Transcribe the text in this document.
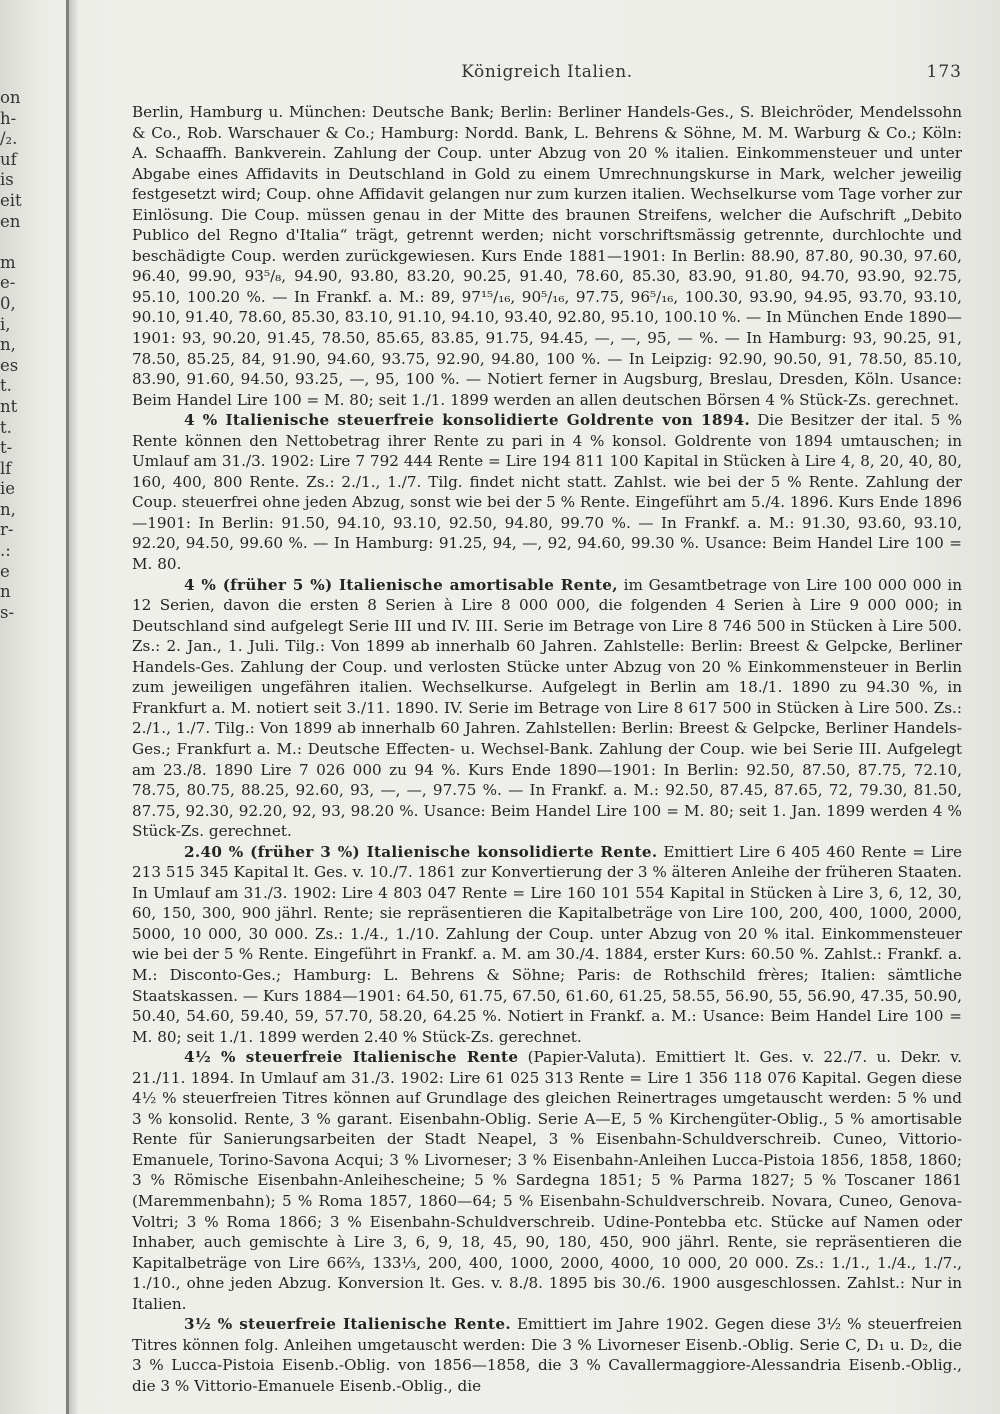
on
h-
/₂.
uf
is
eit
en
m
e-
0,
i,
n,
es
t.
nt
t.
t-
lf
ie
n,
r-
.:
e
n
s-
Königreich Italien.	173

Berlin, Hamburg u. München: Deutsche Bank; Berlin: Berliner Handels-Ges., S. Bleichröder, Mendelssohn & Co., Rob. Warschauer & Co.; Hamburg: Nordd. Bank, L. Behrens & Söhne, M. M. Warburg & Co.; Köln: A. Schaaffh. Bankverein. Zahlung der Coup. unter Abzug von 20 % italien. Einkommensteuer und unter Abgabe eines Affidavits in Deutschland in Gold zu einem Umrechnungskurse in Mark, welcher jeweilig festgesetzt wird; Coup. ohne Affidavit gelangen nur zum kurzen italien. Wechselkurse vom Tage vorher zur Einlösung. Die Coup. müssen genau in der Mitte des braunen Streifens, welcher die Aufschrift „Debito Publico del Regno d'Italia“ trägt, getrennt werden; nicht vorschriftsmässig getrennte, durchlochte und beschädigte Coup. werden zurückgewiesen. Kurs Ende 1881—1901: In Berlin: 88.90, 87.80, 90.30, 97.60, 96.40, 99.90, 93⁵/₈, 94.90, 93.80, 83.20, 90.25, 91.40, 78.60, 85.30, 83.90, 91.80, 94.70, 93.90, 92.75, 95.10, 100.20 %. — In Frankf. a. M.: 89, 97¹⁵/₁₆, 90⁵/₁₆, 97.75, 96⁵/₁₆, 100.30, 93.90, 94.95, 93.70, 93.10, 90.10, 91.40, 78.60, 85.30, 83.10, 91.10, 94.10, 93.40, 92.80, 95.10, 100.10 %. — In München Ende 1890—1901: 93, 90.20, 91.45, 78.50, 85.65, 83.85, 91.75, 94.45, —, —, 95, — %. — In Hamburg: 93, 90.25, 91, 78.50, 85.25, 84, 91.90, 94.60, 93.75, 92.90, 94.80, 100 %. — In Leipzig: 92.90, 90.50, 91, 78.50, 85.10, 83.90, 91.60, 94.50, 93.25, —, 95, 100 %. — Notiert ferner in Augsburg, Breslau, Dresden, Köln. Usance: Beim Handel Lire 100 = M. 80; seit 1./1. 1899 werden an allen deutschen Börsen 4 % Stück-Zs. gerechnet.

4 % Italienische steuerfreie konsolidierte Goldrente von 1894. Die Besitzer der ital. 5 % Rente können den Nettobetrag ihrer Rente zu pari in 4 % konsol. Goldrente von 1894 umtauschen; in Umlauf am 31./3. 1902: Lire 7 792 444 Rente = Lire 194 811 100 Kapital in Stücken à Lire 4, 8, 20, 40, 80, 160, 400, 800 Rente. Zs.: 2./1., 1./7. Tilg. findet nicht statt. Zahlst. wie bei der 5 % Rente. Zahlung der Coup. steuerfrei ohne jeden Abzug, sonst wie bei der 5 % Rente. Eingeführt am 5./4. 1896. Kurs Ende 1896—1901: In Berlin: 91.50, 94.10, 93.10, 92.50, 94.80, 99.70 %. — In Frankf. a. M.: 91.30, 93.60, 93.10, 92.20, 94.50, 99.60 %. — In Hamburg: 91.25, 94, —, 92, 94.60, 99.30 %. Usance: Beim Handel Lire 100 = M. 80.

4 % (früher 5 %) Italienische amortisable Rente, im Gesamtbetrage von Lire 100 000 000 in 12 Serien, davon die ersten 8 Serien à Lire 8 000 000, die folgenden 4 Serien à Lire 9 000 000; in Deutschland sind aufgelegt Serie III und IV. III. Serie im Betrage von Lire 8 746 500 in Stücken à Lire 500. Zs.: 2. Jan., 1. Juli. Tilg.: Von 1899 ab innerhalb 60 Jahren. Zahlstelle: Berlin: Breest & Gelpcke, Berliner Handels-Ges. Zahlung der Coup. und verlosten Stücke unter Abzug von 20 % Einkommensteuer in Berlin zum jeweiligen ungefähren italien. Wechselkurse. Aufgelegt in Berlin am 18./1. 1890 zu 94.30 %, in Frankfurt a. M. notiert seit 3./11. 1890. IV. Serie im Betrage von Lire 8 617 500 in Stücken à Lire 500. Zs.: 2./1., 1./7. Tilg.: Von 1899 ab innerhalb 60 Jahren. Zahlstellen: Berlin: Breest & Gelpcke, Berliner Handels-Ges.; Frankfurt a. M.: Deutsche Effecten- u. Wechsel-Bank. Zahlung der Coup. wie bei Serie III. Aufgelegt am 23./8. 1890 Lire 7 026 000 zu 94 %. Kurs Ende 1890—1901: In Berlin: 92.50, 87.50, 87.75, 72.10, 78.75, 80.75, 88.25, 92.60, 93, —, —, 97.75 %. — In Frankf. a. M.: 92.50, 87.45, 87.65, 72, 79.30, 81.50, 87.75, 92.30, 92.20, 92, 93, 98.20 %. Usance: Beim Handel Lire 100 = M. 80; seit 1. Jan. 1899 werden 4 % Stück-Zs. gerechnet.

2.40 % (früher 3 %) Italienische konsolidierte Rente. Emittiert Lire 6 405 460 Rente = Lire 213 515 345 Kapital lt. Ges. v. 10./7. 1861 zur Konvertierung der 3 % älteren Anleihe der früheren Staaten. In Umlauf am 31./3. 1902: Lire 4 803 047 Rente = Lire 160 101 554 Kapital in Stücken à Lire 3, 6, 12, 30, 60, 150, 300, 900 jährl. Rente; sie repräsentieren die Kapitalbeträge von Lire 100, 200, 400, 1000, 2000, 5000, 10 000, 30 000. Zs.: 1./4., 1./10. Zahlung der Coup. unter Abzug von 20 % ital. Einkommensteuer wie bei der 5 % Rente. Eingeführt in Frankf. a. M. am 30./4. 1884, erster Kurs: 60.50 %. Zahlst.: Frankf. a. M.: Disconto-Ges.; Hamburg: L. Behrens & Söhne; Paris: de Rothschild frères; Italien: sämtliche Staatskassen. — Kurs 1884—1901: 64.50, 61.75, 67.50, 61.60, 61.25, 58.55, 56.90, 55, 56.90, 47.35, 50.90, 50.40, 54.60, 59.40, 59, 57.70, 58.20, 64.25 %. Notiert in Frankf. a. M.: Usance: Beim Handel Lire 100 = M. 80; seit 1./1. 1899 werden 2.40 % Stück-Zs. gerechnet.

4½ % steuerfreie Italienische Rente (Papier-Valuta). Emittiert lt. Ges. v. 22./7. u. Dekr. v. 21./11. 1894. In Umlauf am 31./3. 1902: Lire 61 025 313 Rente = Lire 1 356 118 076 Kapital. Gegen diese 4½ % steuerfreien Titres können auf Grundlage des gleichen Reinertrages umgetauscht werden: 5 % und 3 % konsolid. Rente, 3 % garant. Eisenbahn-Oblig. Serie A—E, 5 % Kirchengüter-Oblig., 5 % amortisable Rente für Sanierungsarbeiten der Stadt Neapel, 3 % Eisenbahn-Schuldverschreib. Cuneo, Vittorio-Emanuele, Torino-Savona Acqui; 3 % Livorneser; 3 % Eisenbahn-Anleihen Lucca-Pistoia 1856, 1858, 1860; 3 % Römische Eisenbahn-Anleihescheine; 5 % Sardegna 1851; 5 % Parma 1827; 5 % Toscaner 1861 (Maremmenbahn); 5 % Roma 1857, 1860—64; 5 % Eisenbahn-Schuldverschreib. Novara, Cuneo, Genova-Voltri; 3 % Roma 1866; 3 % Eisenbahn-Schuldverschreib. Udine-Pontebba etc. Stücke auf Namen oder Inhaber, auch gemischte à Lire 3, 6, 9, 18, 45, 90, 180, 450, 900 jährl. Rente, sie repräsentieren die Kapitalbeträge von Lire 66⅔, 133⅓, 200, 400, 1000, 2000, 4000, 10 000, 20 000. Zs.: 1./1., 1./4., 1./7., 1./10., ohne jeden Abzug. Konversion lt. Ges. v. 8./8. 1895 bis 30./6. 1900 ausgeschlossen. Zahlst.: Nur in Italien.

3½ % steuerfreie Italienische Rente. Emittiert im Jahre 1902. Gegen diese 3½ % steuerfreien Titres können folg. Anleihen umgetauscht werden: Die 3 % Livorneser Eisenb.-Oblig. Serie C, D₁ u. D₂, die 3 % Lucca-Pistoia Eisenb.-Oblig. von 1856—1858, die 3 % Cavallermaggiore-Alessandria Eisenb.-Oblig., die 3 % Vittorio-Emanuele Eisenb.-Oblig., die
